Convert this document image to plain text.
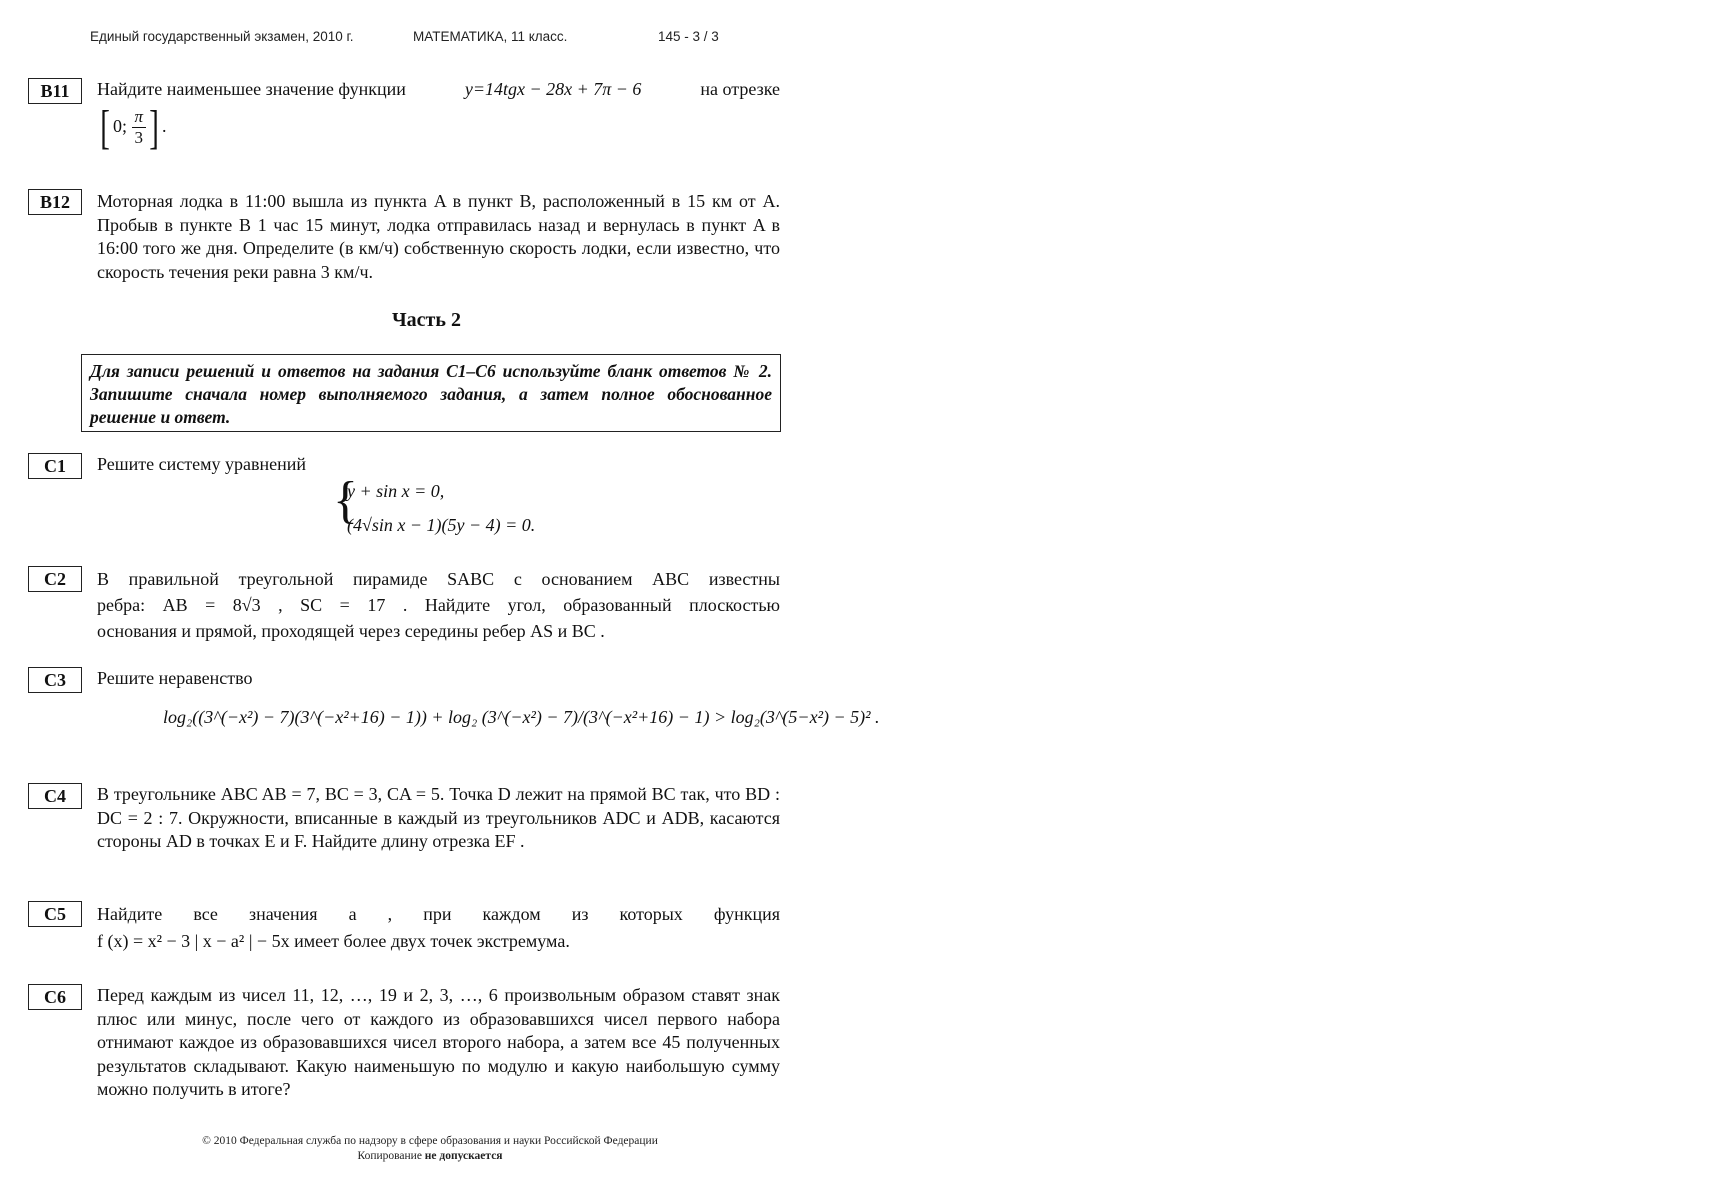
Единый государственный экзамен, 2010 г.	МАТЕМАТИКА, 11 класс.	145 - 3 / 3
B11	Найдите наименьшее значение функции	y=14tgx − 28x + 7π − 6	на отрезке
[ 0; $\frac{\pi}{3}$ ] .
B12	Моторная лодка в 11:00 вышла из пункта A в пункт B, расположенный в 15 км от A. Пробыв в пункте B 1 час 15 минут, лодка отправилась назад и вернулась в пункт A в 16:00 того же дня. Определите (в км/ч) собственную скорость лодки, если известно, что скорость течения реки равна 3 км/ч.
Часть 2
Для записи решений и ответов на задания C1–C6 используйте бланк ответов № 2. Запишите сначала номер выполняемого задания, а затем полное обоснованное решение и ответ.
C1	Решите систему уравнений
{
y + sin x = 0,
(4√sin x − 1)(5y − 4) = 0.
C2	В правильной треугольной пирамиде SABC с основанием ABC известны

ребра: AB = 8√3 , SC = 17 . Найдите угол, образованный плоскостью

основания и прямой, проходящей через середины ребер AS и BC .

C3	Решите неравенство
log₂((3^(−x²) − 7)(3^(−x²+16) − 1)) + log₂ (3^(−x²) − 7)/(3^(−x²+16) − 1) > log₂(3^(5−x²) − 5)² .
C4	В треугольнике ABC AB = 7, BC = 3, CA = 5. Точка D лежит на прямой BC так, что BD : DC = 2 : 7. Окружности, вписанные в каждый из треугольников ADC и ADB, касаются стороны AD в точках E и F. Найдите длину отрезка EF .
C5	Найдите все значения a , при каждом из которых функция

f (x) = x² − 3 | x − a² | − 5x имеет более двух точек экстремума.

C6	Перед каждым из чисел 11, 12, …, 19 и 2, 3, …, 6 произвольным образом ставят знак плюс или минус, после чего от каждого из образовавшихся чисел первого набора отнимают каждое из образовавшихся чисел второго набора, а затем все 45 полученных результатов складывают. Какую наименьшую по модулю и какую наибольшую сумму можно получить в итоге?
© 2010 Федеральная служба по надзору в сфере образования и науки Российской Федерации
Копирование не допускается
